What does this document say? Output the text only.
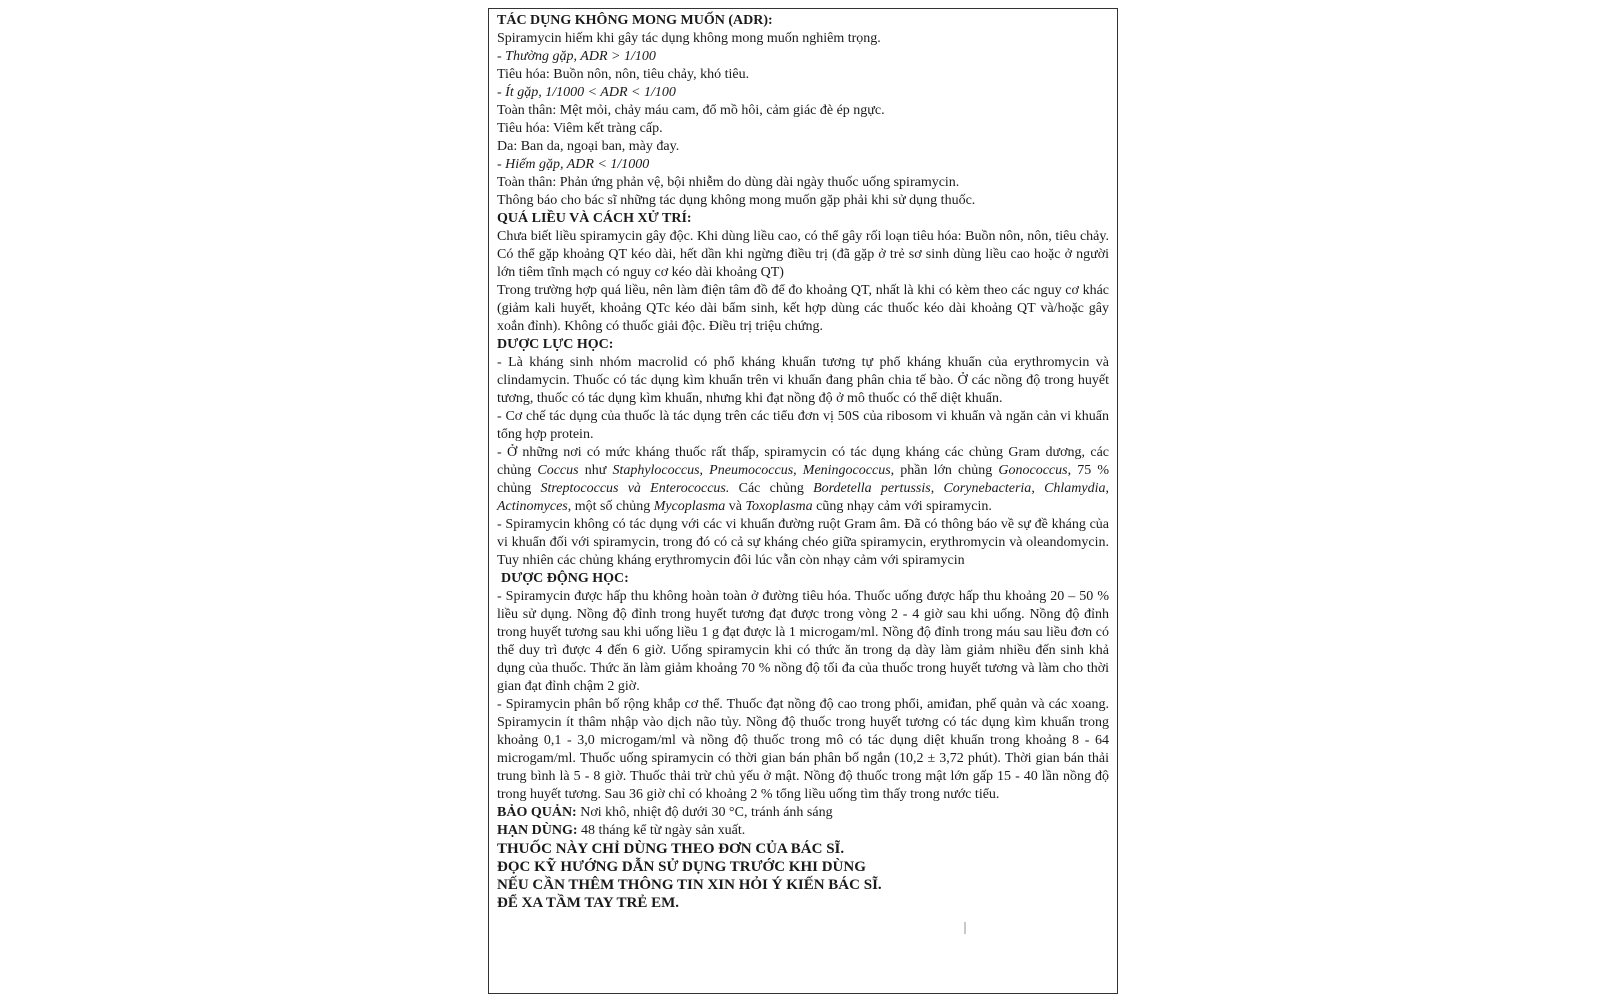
TÁC DỤNG KHÔNG MONG MUỐN (ADR):
Spiramycin hiếm khi gây tác dụng không mong muốn nghiêm trọng.
- Thường gặp, ADR > 1/100
Tiêu hóa: Buồn nôn, nôn, tiêu chảy, khó tiêu.
- Ít gặp, 1/1000 < ADR < 1/100
Toàn thân: Mệt mỏi, chảy máu cam, đổ mồ hôi, cảm giác đè ép ngực.
Tiêu hóa: Viêm kết tràng cấp.
Da: Ban da, ngoại ban, mày đay.
- Hiếm gặp, ADR < 1/1000
Toàn thân: Phản ứng phản vệ, bội nhiễm do dùng dài ngày thuốc uống spiramycin.
Thông báo cho bác sĩ những tác dụng không mong muốn gặp phải khi sử dụng thuốc.
QUÁ LIỀU VÀ CÁCH XỬ TRÍ:
Chưa biết liều spiramycin gây độc. Khi dùng liều cao, có thể gây rối loạn tiêu hóa: Buồn nôn, nôn, tiêu chảy. Có thể gặp khoảng QT kéo dài, hết dần khi ngừng điều trị (đã gặp ở trẻ sơ sinh dùng liều cao hoặc ở người lớn tiêm tĩnh mạch có nguy cơ kéo dài khoảng QT)
Trong trường hợp quá liều, nên làm điện tâm đồ để đo khoảng QT, nhất là khi có kèm theo các nguy cơ khác (giảm kali huyết, khoảng QTc kéo dài bẩm sinh, kết hợp dùng các thuốc kéo dài khoảng QT và/hoặc gây xoắn đỉnh). Không có thuốc giải độc. Điều trị triệu chứng.
DƯỢC LỰC HỌC:
- Là kháng sinh nhóm macrolid có phổ kháng khuẩn tương tự phổ kháng khuẩn của erythromycin và clindamycin. Thuốc có tác dụng kìm khuẩn trên vi khuẩn đang phân chia tế bào. Ở các nồng độ trong huyết tương, thuốc có tác dụng kìm khuẩn, nhưng khi đạt nồng độ ở mô thuốc có thể diệt khuẩn.
- Cơ chế tác dụng của thuốc là tác dụng trên các tiểu đơn vị 50S của ribosom vi khuẩn và ngăn cản vi khuẩn tổng hợp protein.
- Ở những nơi có mức kháng thuốc rất thấp, spiramycin có tác dụng kháng các chủng Gram dương, các chủng Coccus như Staphylococcus, Pneumococcus, Meningococcus, phần lớn chủng Gonococcus, 75 % chủng Streptococcus và Enterococcus. Các chủng Bordetella pertussis, Corynebacteria, Chlamydia, Actinomyces, một số chủng Mycoplasma và Toxoplasma cũng nhạy cảm với spiramycin.
- Spiramycin không có tác dụng với các vi khuẩn đường ruột Gram âm. Đã có thông báo về sự đề kháng của vi khuẩn đối với spiramycin, trong đó có cả sự kháng chéo giữa spiramycin, erythromycin và oleandomycin. Tuy nhiên các chủng kháng erythromycin đôi lúc vẫn còn nhạy cảm với spiramycin
DƯỢC ĐỘNG HỌC:
- Spiramycin được hấp thu không hoàn toàn ở đường tiêu hóa. Thuốc uống được hấp thu khoảng 20 – 50 % liều sử dụng. Nồng độ đỉnh trong huyết tương đạt được trong vòng 2 - 4 giờ sau khi uống. Nồng độ đỉnh trong huyết tương sau khi uống liều 1 g đạt được là 1 microgam/ml. Nồng độ đỉnh trong máu sau liều đơn có thể duy trì được 4 đến 6 giờ. Uống spiramycin khi có thức ăn trong dạ dày làm giảm nhiều đến sinh khả dụng của thuốc. Thức ăn làm giảm khoảng 70 % nồng độ tối đa của thuốc trong huyết tương và làm cho thời gian đạt đỉnh chậm 2 giờ.
- Spiramycin phân bố rộng khắp cơ thể. Thuốc đạt nồng độ cao trong phổi, amiđan, phế quản và các xoang. Spiramycin ít thâm nhập vào dịch não tủy. Nồng độ thuốc trong huyết tương có tác dụng kìm khuẩn trong khoảng 0,1 - 3,0 microgam/ml và nồng độ thuốc trong mô có tác dụng diệt khuẩn trong khoảng 8 - 64 microgam/ml. Thuốc uống spiramycin có thời gian bán phân bố ngắn (10,2 ± 3,72 phút). Thời gian bán thải trung bình là 5 - 8 giờ. Thuốc thải trừ chủ yếu ở mật. Nồng độ thuốc trong mật lớn gấp 15 - 40 lần nồng độ trong huyết tương. Sau 36 giờ chỉ có khoảng 2 % tổng liều uống tìm thấy trong nước tiểu.
BẢO QUẢN: Nơi khô, nhiệt độ dưới 30 °C, tránh ánh sáng
HẠN DÙNG: 48 tháng kể từ ngày sản xuất.
THUỐC NÀY CHỈ DÙNG THEO ĐƠN CỦA BÁC SĨ.
ĐỌC KỸ HƯỚNG DẪN SỬ DỤNG TRƯỚC KHI DÙNG
NẾU CẦN THÊM THÔNG TIN XIN HỎI Ý KIẾN BÁC SĨ.
ĐỂ XA TẦM TAY TRẺ EM.
